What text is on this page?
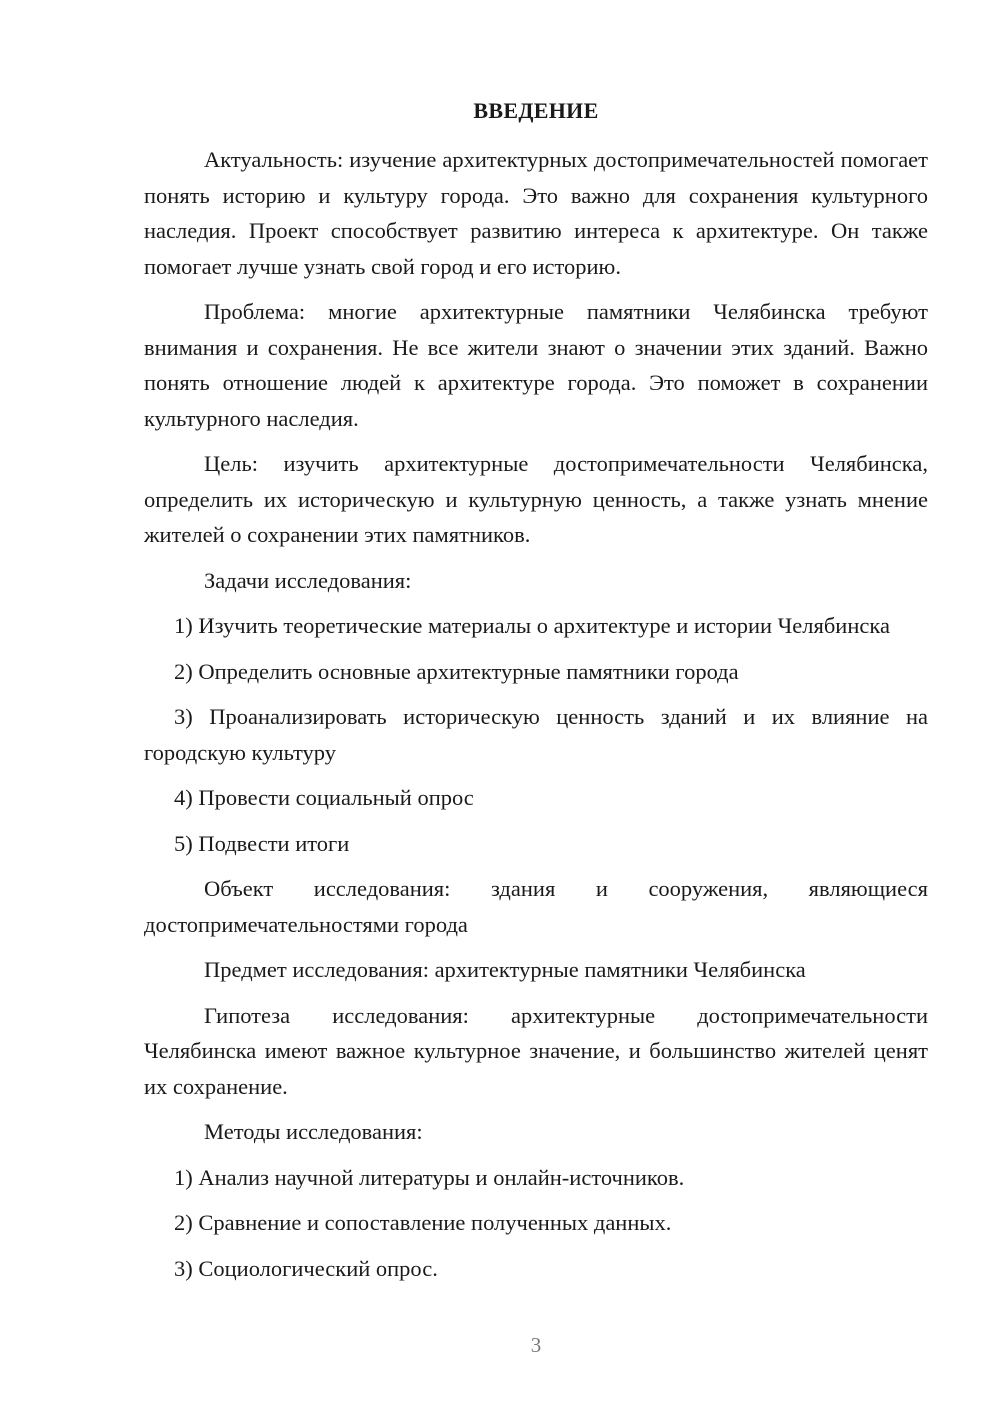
ВВЕДЕНИЕ

Актуальность: изучение архитектурных достопримечательностей помогает понять историю и культуру города. Это важно для сохранения культурного наследия. Проект способствует развитию интереса к архитектуре. Он также помогает лучше узнать свой город и его историю.

Проблема: многие архитектурные памятники Челябинска требуют внимания и сохранения. Не все жители знают о значении этих зданий. Важно понять отношение людей к архитектуре города. Это поможет в сохранении культурного наследия.

Цель: изучить архитектурные достопримечательности Челябинска, определить их историческую и культурную ценность, а также узнать мнение жителей о сохранении этих памятников.

Задачи исследования:

1) Изучить теоретические материалы о архитектуре и истории Челябинска

2) Определить основные архитектурные памятники города

3) Проанализировать историческую ценность зданий и их влияние на городскую культуру

4) Провести социальный опрос

5) Подвести итоги

Объект исследования: здания и сооружения, являющиеся достопримечательностями города

Предмет исследования: архитектурные памятники Челябинска

Гипотеза исследования: архитектурные достопримечательности Челябинска имеют важное культурное значение, и большинство жителей ценят их сохранение.

Методы исследования:

1) Анализ научной литературы и онлайн-источников.

2) Сравнение и сопоставление полученных данных.

3) Социологический опрос.

3
